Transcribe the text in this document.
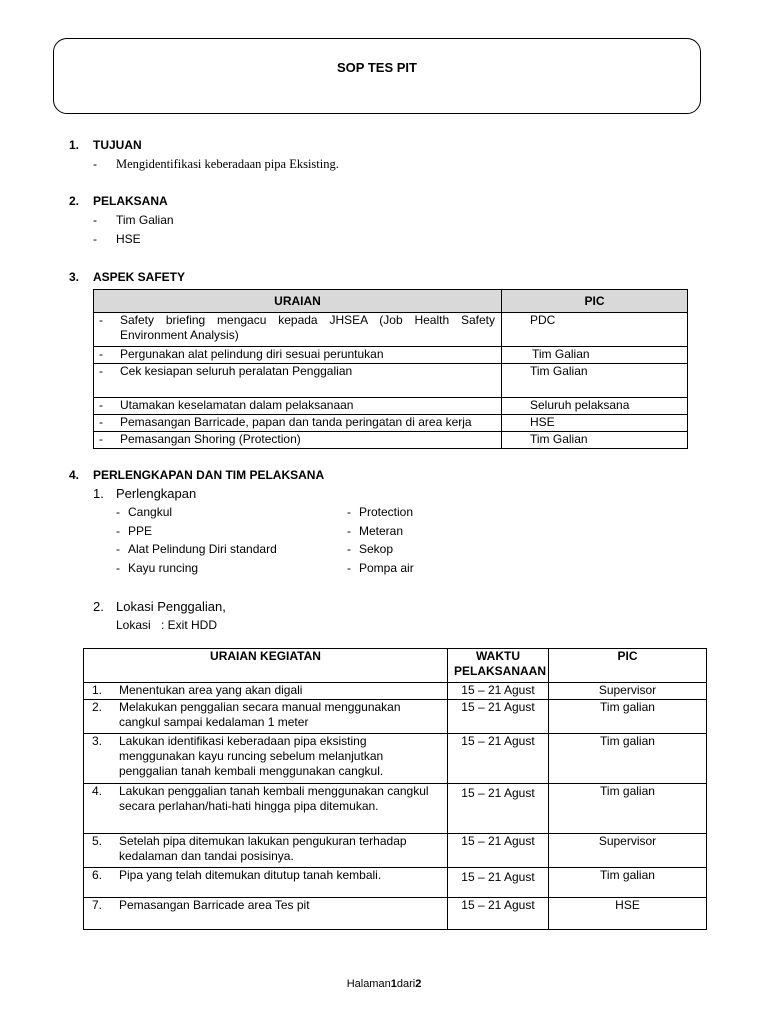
SOP TES PIT
1. TUJUAN
- Mengidentifikasi keberadaan pipa Eksisting.
2. PELAKSANA
- Tim Galian
- HSE
3. ASPEK SAFETY
URAIAN	PIC

- Safety briefing mengacu kepada JHSEA (Job Health Safety Environment Analysis)	PDC

- Pergunakan alat pelindung diri sesuai peruntukan	Tim Galian

- Cek kesiapan seluruh peralatan Penggalian	Tim Galian

- Utamakan keselamatan dalam pelaksanaan	Seluruh pelaksana

- Pemasangan Barricade, papan dan tanda peringatan di area kerja	HSE

- Pemasangan Shoring (Protection)	Tim Galian
4. PERLENGKAPAN DAN TIM PELAKSANA
1. Perlengkapan
- Cangkul
- PPE
- Alat Pelindung Diri standard
- Kayu runcing
- Protection
- Meteran
- Sekop
- Pompa air
2. Lokasi Penggalian,
Lokasi : Exit HDD
URAIAN KEGIATAN	WAKTU PELAKSANAAN	PIC

1. Menentukan area yang akan digali	15 – 21 Agust	Supervisor

2. Melakukan penggalian secara manual menggunakan cangkul sampai kedalaman 1 meter	15 – 21 Agust	Tim galian

3. Lakukan identifikasi keberadaan pipa eksisting menggunakan kayu runcing sebelum melanjutkan penggalian tanah kembali menggunakan cangkul.	15 – 21 Agust	Tim galian

4. Lakukan penggalian tanah kembali menggunakan cangkul secara perlahan/hati-hati hingga pipa ditemukan.	15 – 21 Agust	Tim galian

5. Setelah pipa ditemukan lakukan pengukuran terhadap kedalaman dan tandai posisinya.	15 – 21 Agust	Supervisor

6. Pipa yang telah ditemukan ditutup tanah kembali.	15 – 21 Agust	Tim galian

7. Pemasangan Barricade area Tes pit	15 – 21 Agust	HSE
Halaman1dari2
